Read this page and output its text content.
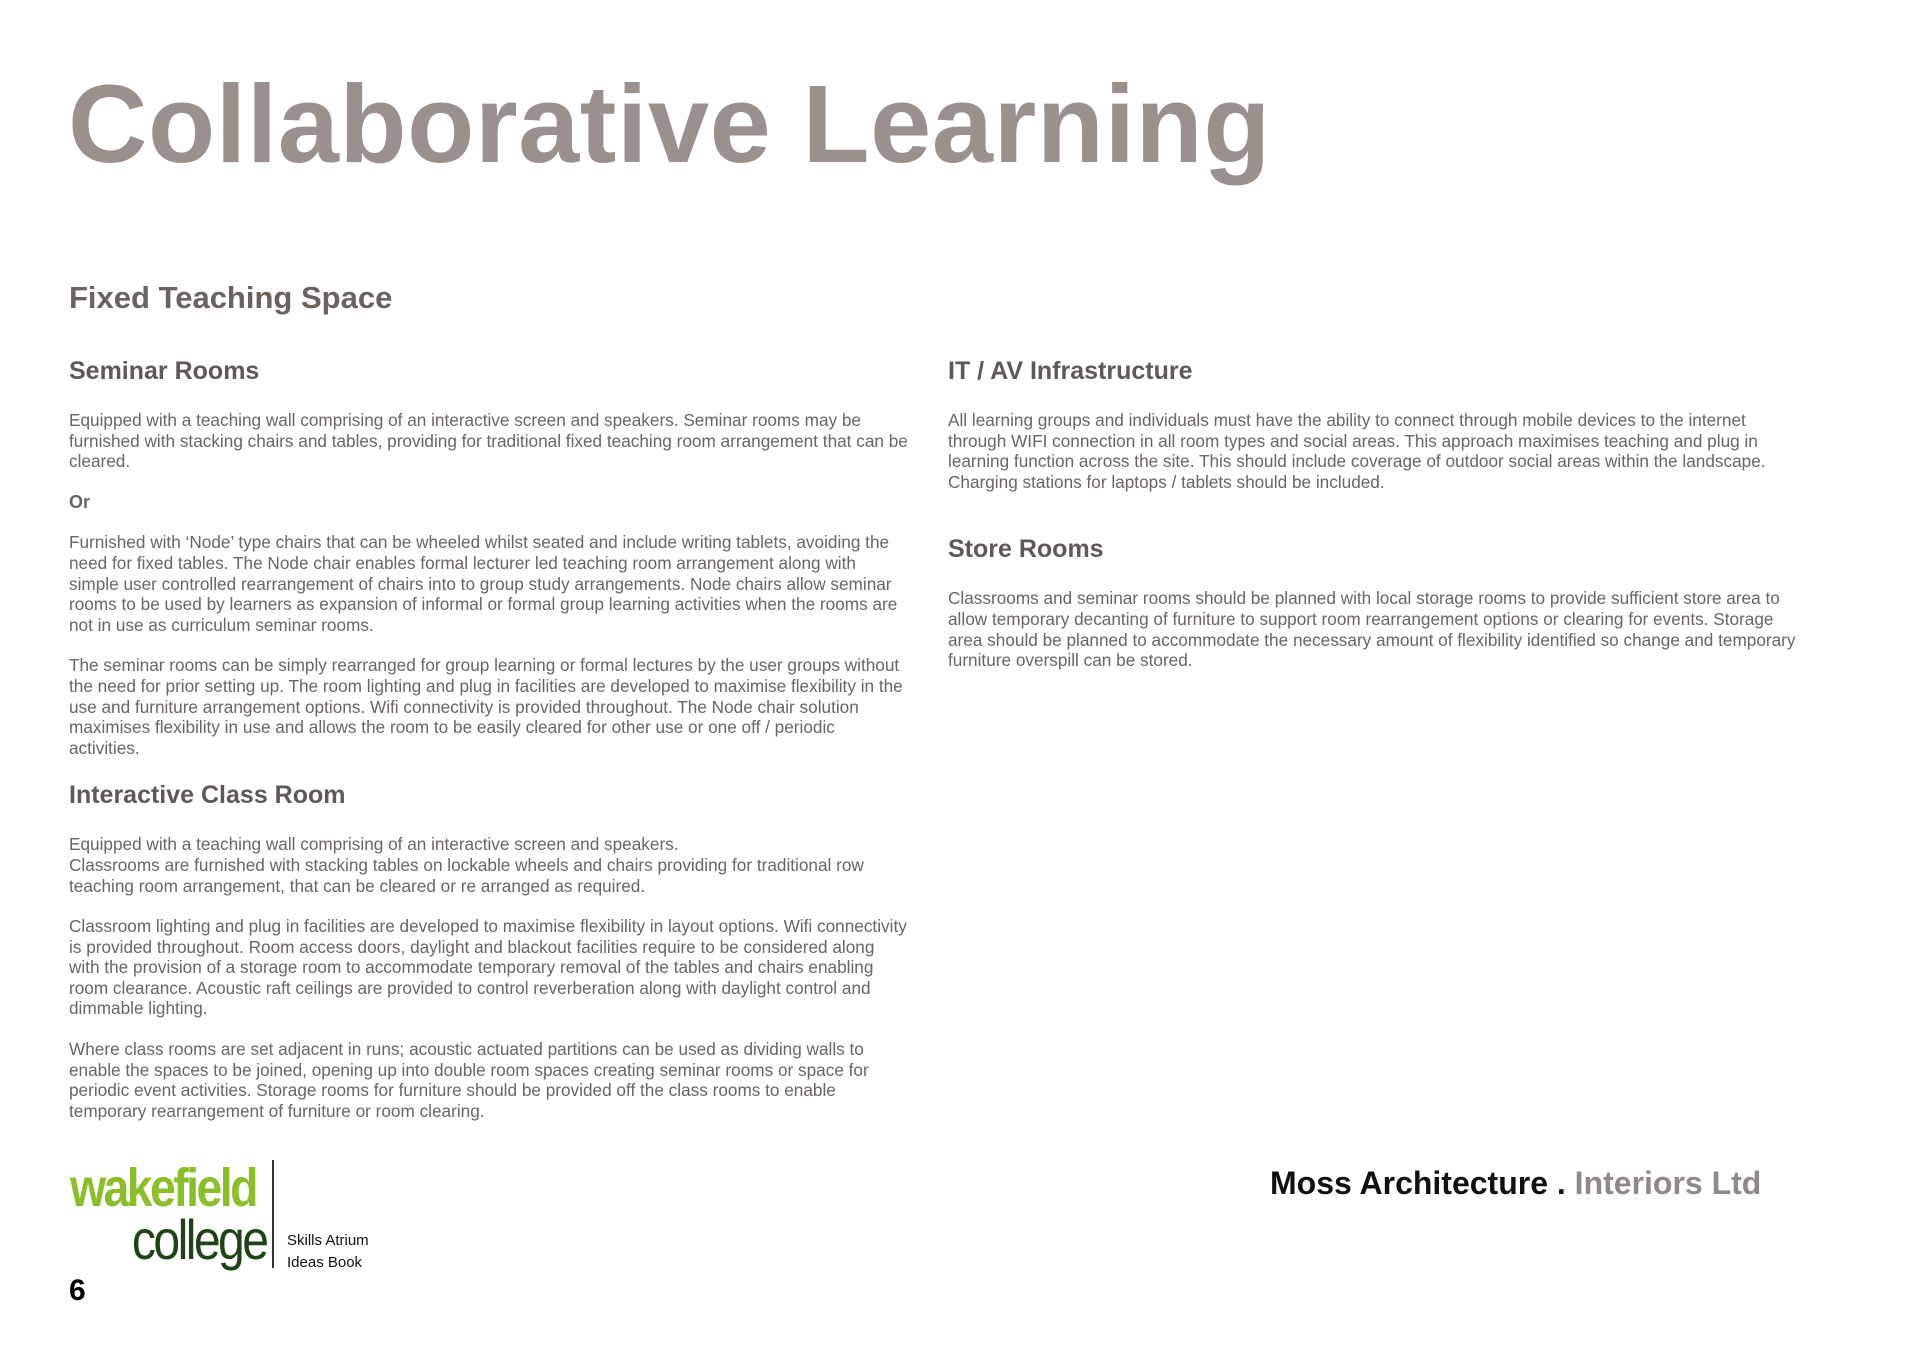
Collaborative Learning
Fixed Teaching Space
Seminar Rooms

Equipped with a teaching wall comprising of an interactive screen and speakers. Seminar rooms may be furnished with stacking chairs and tables, providing for traditional fixed teaching room arrangement that can be cleared.

Or

Furnished with ‘Node’ type chairs that can be wheeled whilst seated and include writing tablets, avoiding the need for fixed tables. The Node chair enables formal lecturer led teaching room arrangement along with simple user controlled rearrangement of chairs into to group study arrangements. Node chairs allow seminar rooms to be used by learners as expansion of informal or formal group learning activities when the rooms are not in use as curriculum seminar rooms.

The seminar rooms can be simply rearranged for group learning or formal lectures by the user groups without the need for prior setting up. The room lighting and plug in facilities are developed to maximise flexibility in the use and furniture arrangement options. Wifi connectivity is provided throughout. The Node chair solution maximises flexibility in use and allows the room to be easily cleared for other use or one off / periodic activities.

Interactive Class Room

Equipped with a teaching wall comprising of an interactive screen and speakers.

Classrooms are furnished with stacking tables on lockable wheels and chairs providing for traditional row teaching room arrangement, that can be cleared or re arranged as required.

Classroom lighting and plug in facilities are developed to maximise flexibility in layout options. Wifi connectivity is provided throughout. Room access doors, daylight and blackout facilities require to be considered along with the provision of a storage room to accommodate temporary removal of the tables and chairs enabling room clearance. Acoustic raft ceilings are provided to control reverberation along with daylight control and dimmable lighting.

Where class rooms are set adjacent in runs; acoustic actuated partitions can be used as dividing walls to enable the spaces to be joined, opening up into double room spaces creating seminar rooms or space for periodic event activities. Storage rooms for furniture should be provided off the class rooms to enable temporary rearrangement of furniture or room clearing.

IT / AV Infrastructure

All learning groups and individuals must have the ability to connect through mobile devices to the internet through WIFI connection in all room types and social areas. This approach maximises teaching and plug in learning function across the site. This should include coverage of outdoor social areas within the landscape. Charging stations for laptops / tablets should be included.

Store Rooms

Classrooms and seminar rooms should be planned with local storage rooms to provide sufficient store area to allow temporary decanting of furniture to support room rearrangement options or clearing for events. Storage area should be planned to accommodate the necessary amount of flexibility identified so change and temporary furniture overspill can be stored.

wakefield
college Skills Atrium
Ideas Book
6
Moss Architecture . Interiors Ltd
